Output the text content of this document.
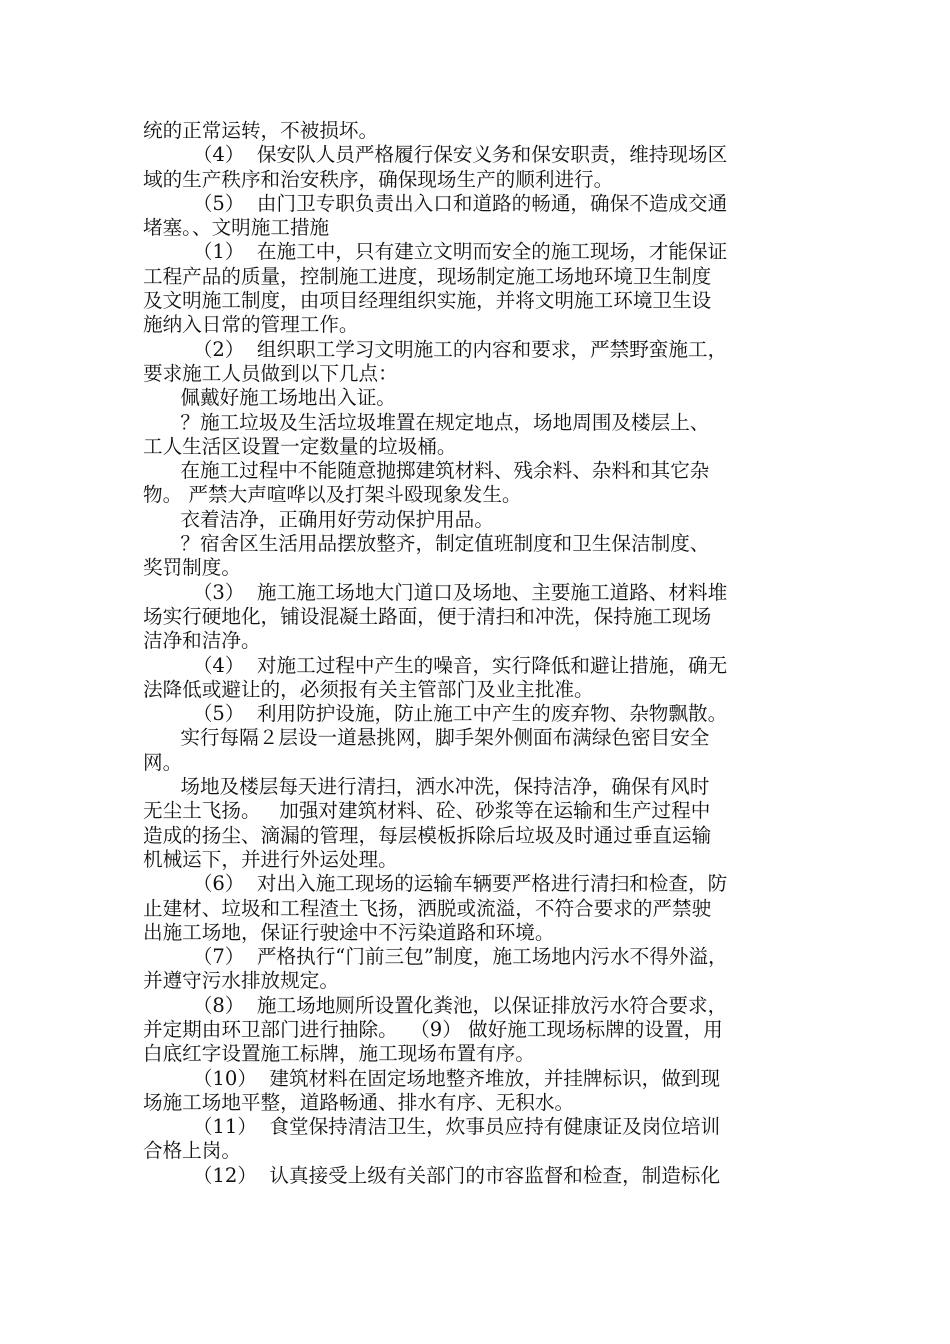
统的正常运转，不被损坏。
（4）  保安队人员严格履行保安义务和保安职责，维持现场区
域的生产秩序和治安秩序，确保现场生产的顺利进行。
（5）  由门卫专职负责出入口和道路的畅通，确保不造成交通
堵塞。、文明施工措施
（1）  在施工中，只有建立文明而安全的施工现场，才能保证
工程产品的质量，控制施工进度，现场制定施工场地环境卫生制度
及文明施工制度，由项目经理组织实施，并将文明施工环境卫生设
施纳入日常的管理工作。
（2）  组织职工学习文明施工的内容和要求，严禁野蛮施工，
要求施工人员做到以下几点：
佩戴好施工场地出入证。
？施工垃圾及生活垃圾堆置在规定地点，场地周围及楼层上、
工人生活区设置一定数量的垃圾桶。
在施工过程中不能随意抛掷建筑材料、残余料、杂料和其它杂
物。 严禁大声喧哗以及打架斗殴现象发生。
衣着洁净，正确用好劳动保护用品。
？宿舍区生活用品摆放整齐，制定值班制度和卫生保洁制度、
奖罚制度。
（3）  施工施工场地大门道口及场地、主要施工道路、材料堆
场实行硬地化，铺设混凝土路面，便于清扫和冲洗，保持施工现场
洁净和洁净。
（4）  对施工过程中产生的噪音，实行降低和避让措施，确无
法降低或避让的，必须报有关主管部门及业主批准。
（5）  利用防护设施，防止施工中产生的废弃物、杂物飘散。
实行每隔２层设一道悬挑网，脚手架外侧面布满绿色密目安全
网。
场地及楼层每天进行清扫，洒水冲洗，保持洁净，确保有风时
无尘土飞扬。   加强对建筑材料、砼、砂浆等在运输和生产过程中
造成的扬尘、滴漏的管理，每层模板拆除后垃圾及时通过垂直运输
机械运下，并进行外运处理。
（6）  对出入施工现场的运输车辆要严格进行清扫和检查，防
止建材、垃圾和工程渣土飞扬，洒脱或流溢，不符合要求的严禁驶
出施工场地，保证行驶途中不污染道路和环境。
（7）  严格执行“门前三包”制度，施工场地内污水不得外溢，
并遵守污水排放规定。
（8）  施工场地厕所设置化粪池，以保证排放污水符合要求，
并定期由环卫部门进行抽除。  （9） 做好施工现场标牌的设置，用
白底红字设置施工标牌，施工现场布置有序。
（10）  建筑材料在固定场地整齐堆放，并挂牌标识，做到现
场施工场地平整，道路畅通、排水有序、无积水。
（11）  食堂保持清洁卫生，炊事员应持有健康证及岗位培训
合格上岗。
（12）  认真接受上级有关部门的市容监督和检查，制造标化
